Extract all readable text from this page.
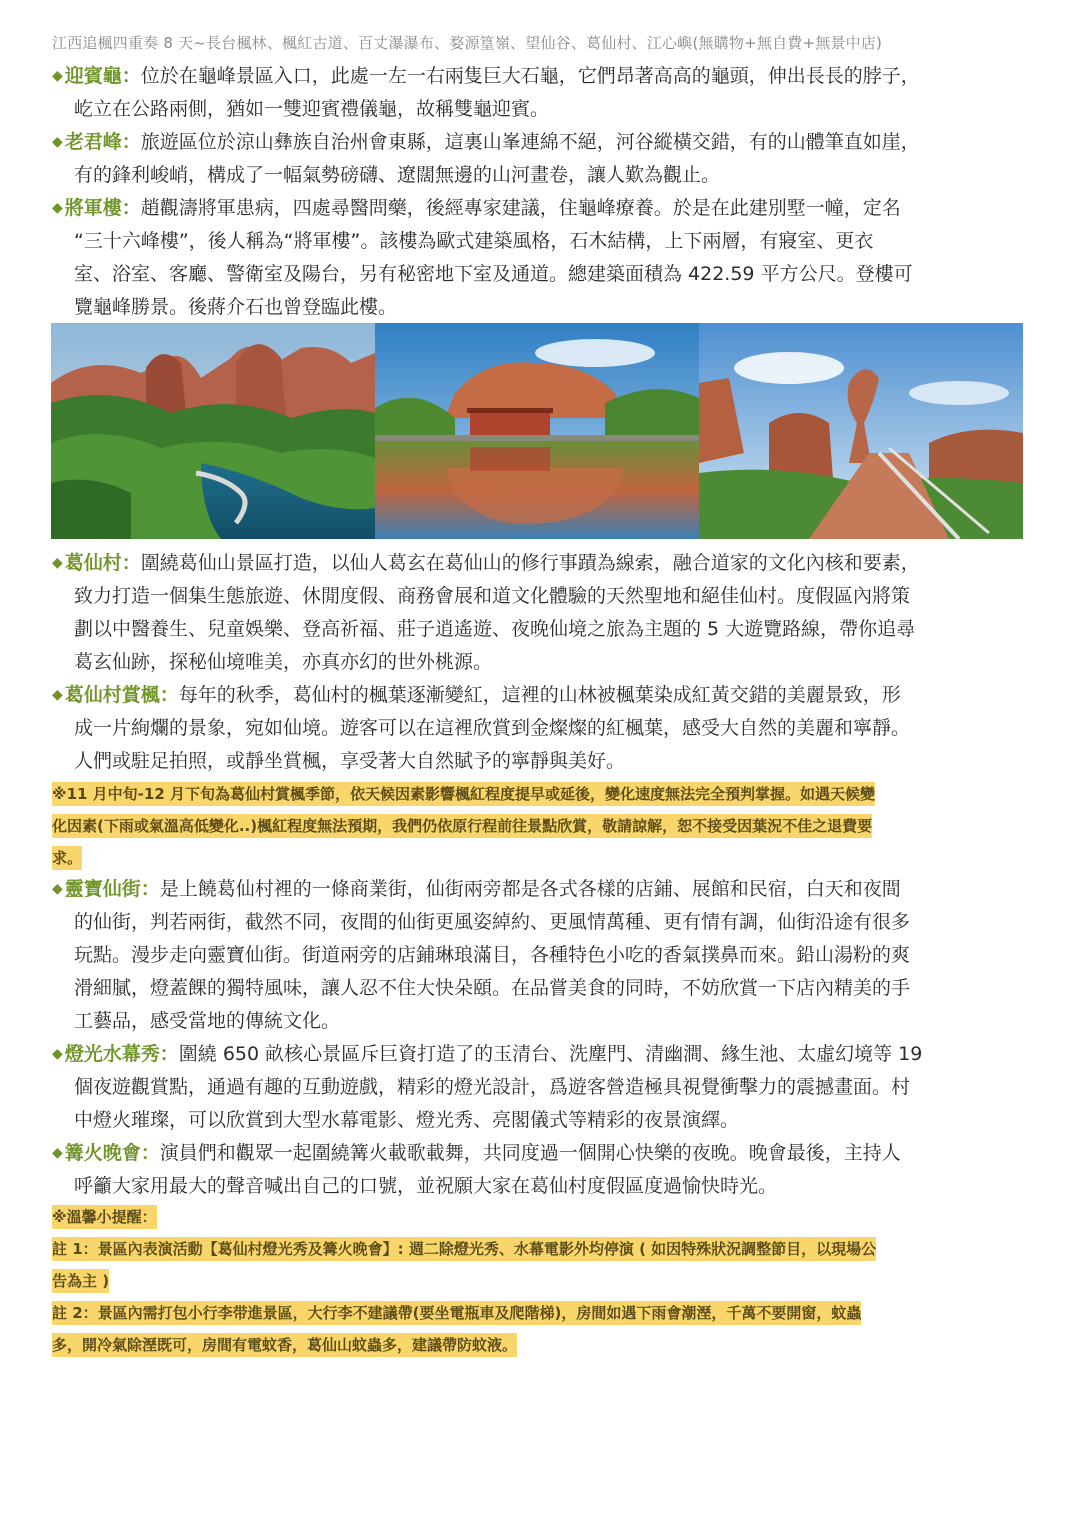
江西追楓四重奏 8 天~長台楓林、楓紅古道、百丈瀑瀑布、婺源篁嶺、望仙谷、葛仙村、江心嶼(無購物+無自費+無景中店)
◆ 迎賓龜：位於在龜峰景區入口，此處一左一右兩隻巨大石龜，它們昂著高高的龜頭，伸出長長的脖子，
屹立在公路兩側，猶如一雙迎賓禮儀龜，故稱雙龜迎賓。
◆ 老君峰：旅遊區位於涼山彝族自治州會東縣，這裏山峯連綿不絕，河谷縱橫交錯，有的山體筆直如崖，
有的鋒利峻峭，構成了一幅氣勢磅礴、遼闊無邊的山河畫卷，讓人歎為觀止。
◆ 將軍樓：趙觀濤將軍患病，四處尋醫問藥，後經專家建議，住龜峰療養。於是在此建別墅一幢，定名
“三十六峰樓”，後人稱為“將軍樓”。該樓為歐式建築風格，石木結構，上下兩層，有寢室、更衣
室、浴室、客廳、警衛室及陽台，另有秘密地下室及通道。總建築面積為 422.59 平方公尺。登樓可
覽龜峰勝景。後蔣介石也曾登臨此樓。
◆ 葛仙村：圍繞葛仙山景區打造，以仙人葛玄在葛仙山的修行事蹟為線索，融合道家的文化內核和要素，
致力打造一個集生態旅遊、休閒度假、商務會展和道文化體驗的天然聖地和絕佳仙村。度假區內將策
劃以中醫養生、兒童娛樂、登高祈福、莊子逍遙遊、夜晚仙境之旅為主題的 5 大遊覽路線，帶你追尋
葛玄仙跡，探秘仙境唯美，亦真亦幻的世外桃源。
◆ 葛仙村賞楓：每年的秋季，葛仙村的楓葉逐漸變紅，這裡的山林被楓葉染成紅黃交錯的美麗景致，形
成一片絢爛的景象，宛如仙境。遊客可以在這裡欣賞到金燦燦的紅楓葉，感受大自然的美麗和寧靜。
人們或駐足拍照，或靜坐賞楓，享受著大自然賦予的寧靜與美好。
※11 月中旬-12 月下旬為葛仙村賞楓季節，依天候因素影響楓紅程度提早或延後，變化速度無法完全預判掌握。如遇天候變
化因素(下雨或氣溫高低變化..)楓紅程度無法預期，我們仍依原行程前往景點欣賞，敬請諒解，恕不接受因葉況不佳之退費要
求。
◆ 靈寶仙街：是上饒葛仙村裡的一條商業街，仙街兩旁都是各式各樣的店鋪、展館和民宿，白天和夜間
的仙街，判若兩街，截然不同，夜間的仙街更風姿綽約、更風情萬種、更有情有調，仙街沿途有很多
玩點。漫步走向靈寶仙街。街道兩旁的店鋪琳琅滿目，各種特色小吃的香氣撲鼻而來。鉛山湯粉的爽
滑細膩，燈蓋餜的獨特風味，讓人忍不住大快朵頤。在品嘗美食的同時，不妨欣賞一下店內精美的手
工藝品，感受當地的傳統文化。
◆ 燈光水幕秀：圍繞 650 畝核心景區斥巨資打造了的玉清台、洗塵門、清幽澗、緣生池、太虛幻境等 19
個夜遊觀賞點，通過有趣的互動遊戲，精彩的燈光設計，爲遊客營造極具視覺衝擊力的震撼畫面。村
中燈火璀璨，可以欣賞到大型水幕電影、燈光秀、亮閣儀式等精彩的夜景演繹。
◆ 篝火晚會：演員們和觀眾一起圍繞篝火載歌載舞，共同度過一個開心快樂的夜晚。晚會最後，主持人
呼籲大家用最大的聲音喊出自己的口號，並祝願大家在葛仙村度假區度過愉快時光。
※溫馨小提醒：
註 1：景區內表演活動【葛仙村燈光秀及篝火晚會】: 週二除燈光秀、水幕電影外均停演 ( 如因特殊狀況調整節目，以現場公
告為主 )
註 2：景區內需打包小行李带進景區，大行李不建議帶(要坐電瓶車及爬階梯)，房間如遇下雨會潮溼，千萬不要開窗，蚊蟲
多，開冷氣除溼既可，房間有電蚊香，葛仙山蚊蟲多，建議帶防蚊液。
